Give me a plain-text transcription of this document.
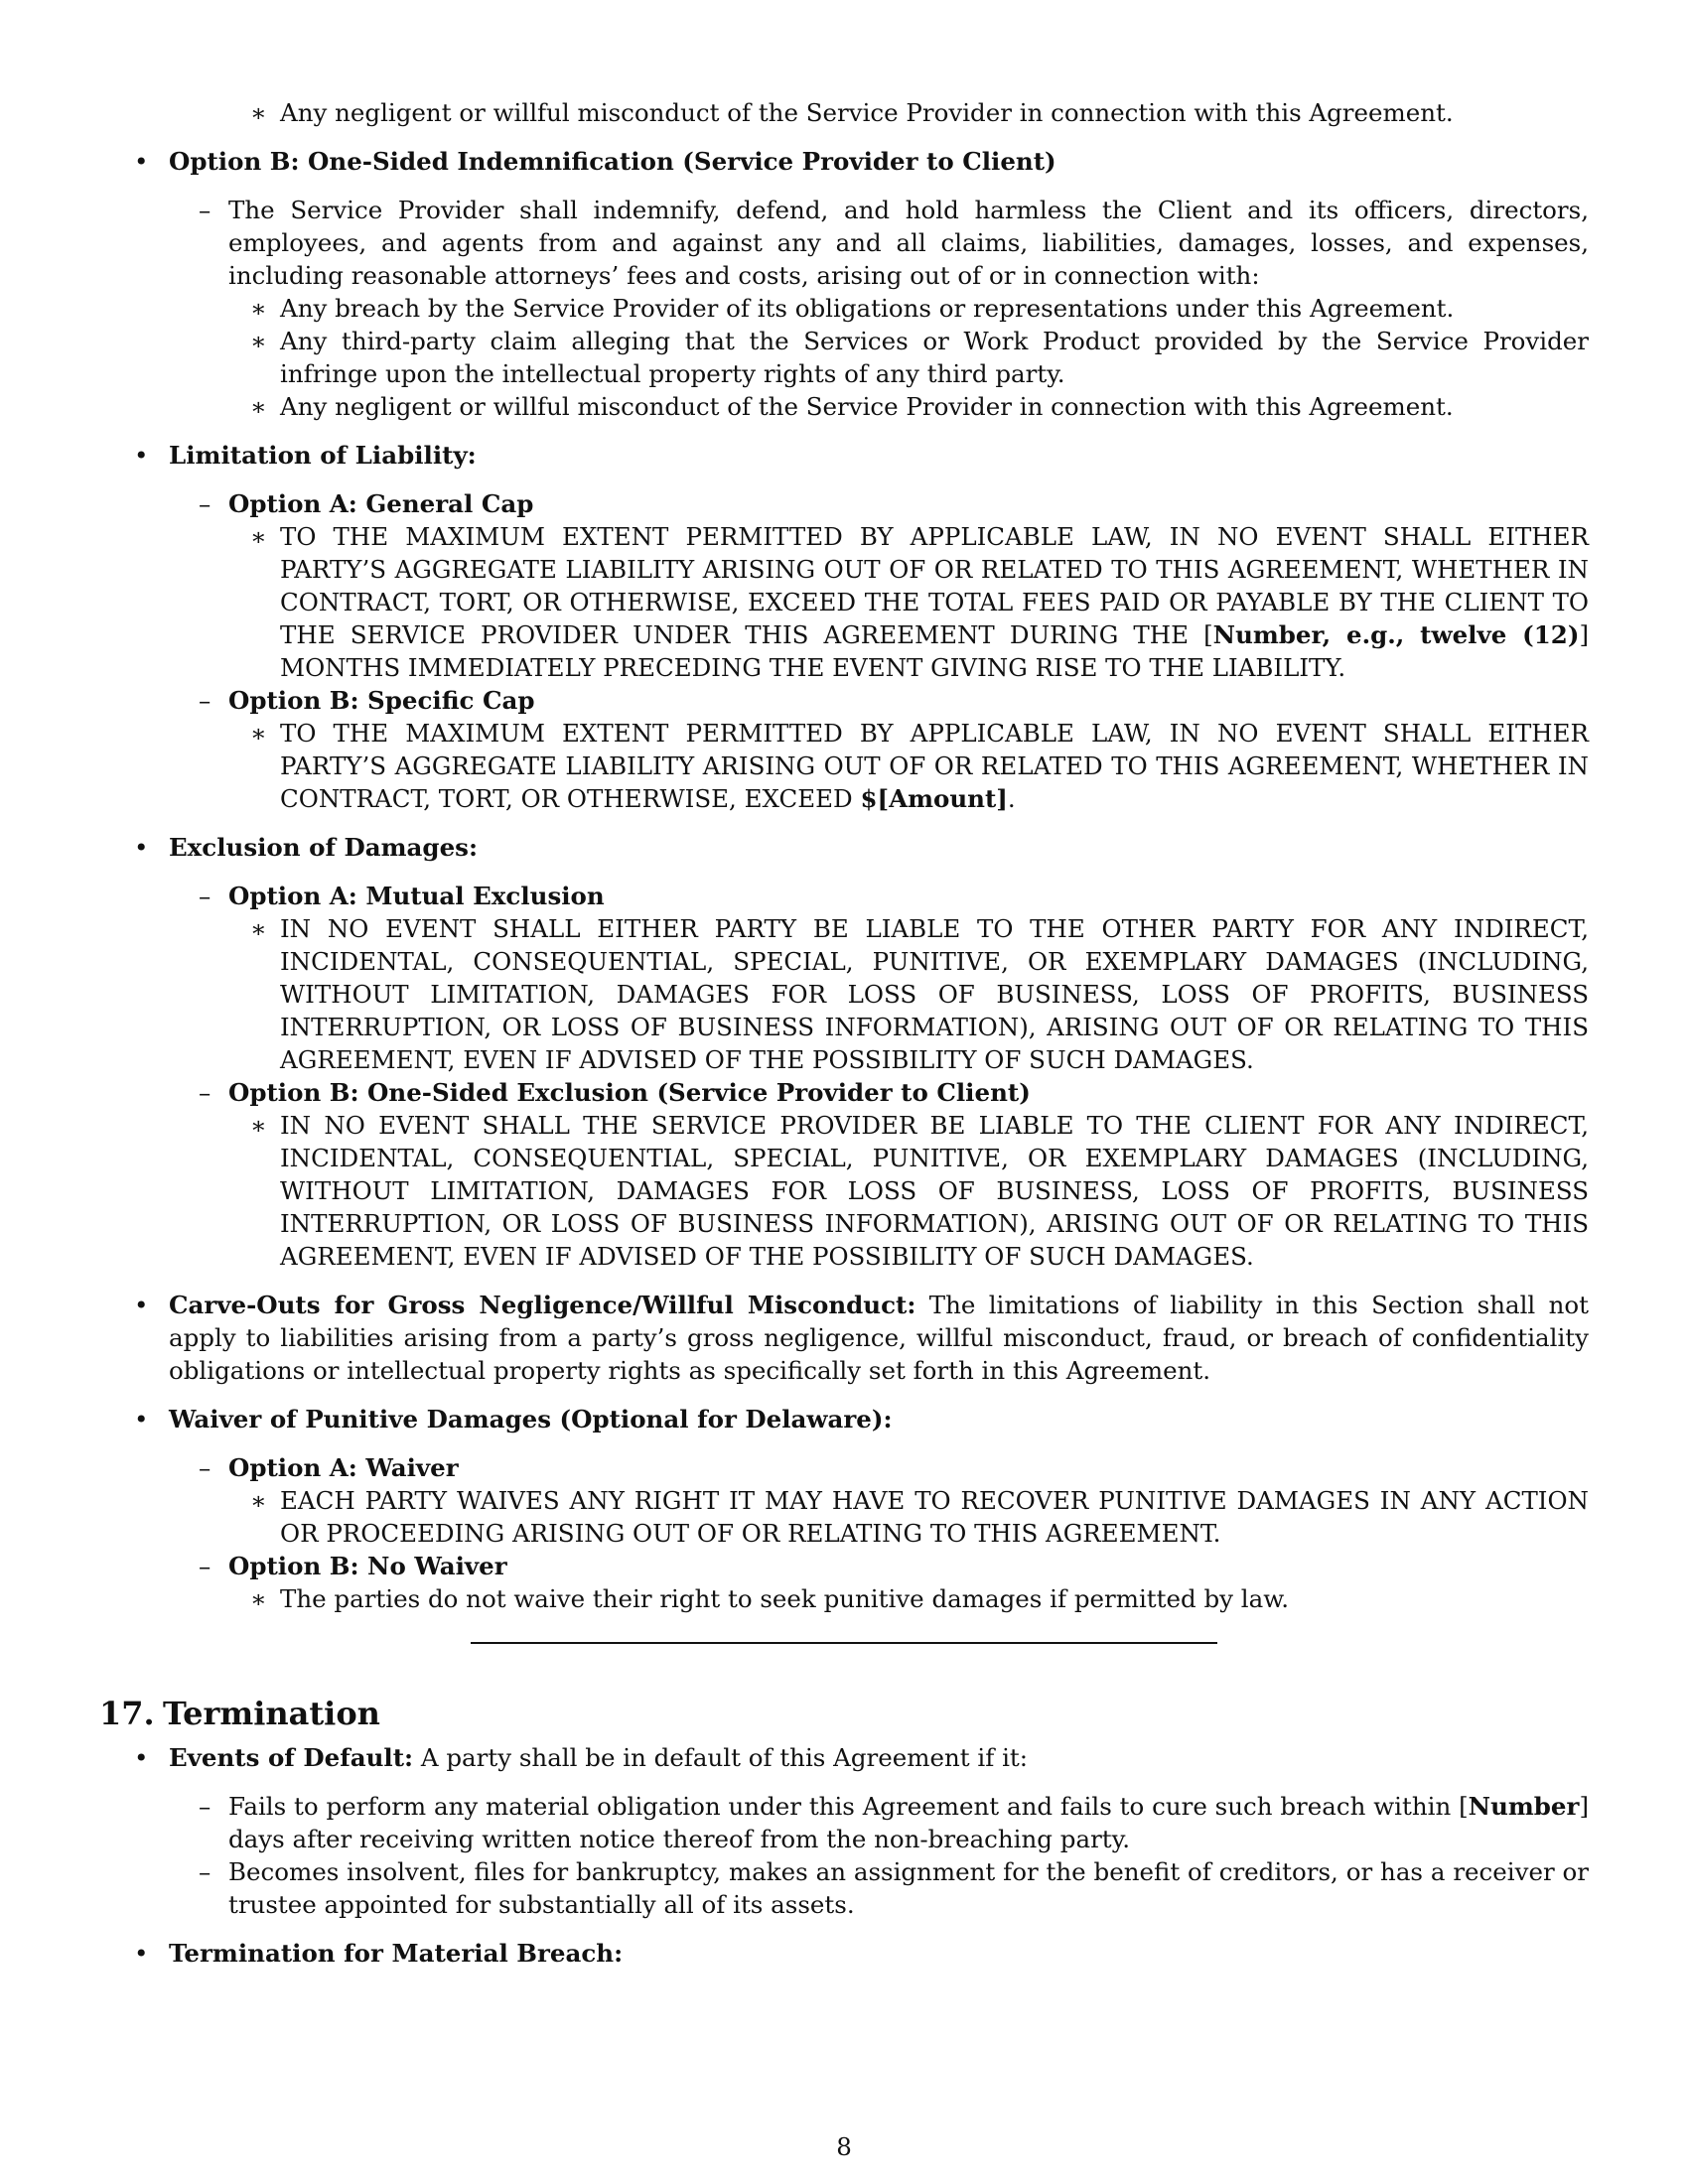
∗ Any negligent or willful misconduct of the Service Provider in connection with this Agreement.
• Option B: One-Sided Indemnification (Service Provider to Client)
– The Service Provider shall indemnify, defend, and hold harmless the Client and its officers, directors, employees, and agents from and against any and all claims, liabilities, damages, losses, and expenses, including reasonable attorneys’ fees and costs, arising out of or in connection with:
∗ Any breach by the Service Provider of its obligations or representations under this Agreement.
∗ Any third-party claim alleging that the Services or Work Product provided by the Service Provider infringe upon the intellectual property rights of any third party.
∗ Any negligent or willful misconduct of the Service Provider in connection with this Agreement.
• Limitation of Liability:
– Option A: General Cap
∗ TO THE MAXIMUM EXTENT PERMITTED BY APPLICABLE LAW, IN NO EVENT SHALL EITHER PARTY’S AGGREGATE LIABILITY ARISING OUT OF OR RELATED TO THIS AGREEMENT, WHETHER IN CONTRACT, TORT, OR OTHERWISE, EXCEED THE TOTAL FEES PAID OR PAYABLE BY THE CLIENT TO THE SERVICE PROVIDER UNDER THIS AGREEMENT DURING THE [Number, e.g., twelve (12)] MONTHS IMMEDIATELY PRECEDING THE EVENT GIVING RISE TO THE LIABILITY.
– Option B: Specific Cap
∗ TO THE MAXIMUM EXTENT PERMITTED BY APPLICABLE LAW, IN NO EVENT SHALL EITHER PARTY’S AGGREGATE LIABILITY ARISING OUT OF OR RELATED TO THIS AGREEMENT, WHETHER IN CONTRACT, TORT, OR OTHERWISE, EXCEED $[Amount].
• Exclusion of Damages:
– Option A: Mutual Exclusion
∗ IN NO EVENT SHALL EITHER PARTY BE LIABLE TO THE OTHER PARTY FOR ANY INDIRECT, INCIDENTAL, CONSEQUENTIAL, SPECIAL, PUNITIVE, OR EXEMPLARY DAMAGES (INCLUDING, WITHOUT LIMITATION, DAMAGES FOR LOSS OF BUSINESS, LOSS OF PROFITS, BUSINESS INTERRUPTION, OR LOSS OF BUSINESS INFORMATION), ARISING OUT OF OR RELATING TO THIS AGREEMENT, EVEN IF ADVISED OF THE POSSIBILITY OF SUCH DAMAGES.
– Option B: One-Sided Exclusion (Service Provider to Client)
∗ IN NO EVENT SHALL THE SERVICE PROVIDER BE LIABLE TO THE CLIENT FOR ANY INDIRECT, INCIDENTAL, CONSEQUENTIAL, SPECIAL, PUNITIVE, OR EXEMPLARY DAMAGES (INCLUDING, WITHOUT LIMITATION, DAMAGES FOR LOSS OF BUSINESS, LOSS OF PROFITS, BUSINESS INTERRUPTION, OR LOSS OF BUSINESS INFORMATION), ARISING OUT OF OR RELATING TO THIS AGREEMENT, EVEN IF ADVISED OF THE POSSIBILITY OF SUCH DAMAGES.
• Carve-Outs for Gross Negligence/Willful Misconduct: The limitations of liability in this Section shall not apply to liabilities arising from a party’s gross negligence, willful misconduct, fraud, or breach of confidentiality obligations or intellectual property rights as specifically set forth in this Agreement.
• Waiver of Punitive Damages (Optional for Delaware):
– Option A: Waiver
∗ EACH PARTY WAIVES ANY RIGHT IT MAY HAVE TO RECOVER PUNITIVE DAMAGES IN ANY ACTION OR PROCEEDING ARISING OUT OF OR RELATING TO THIS AGREEMENT.
– Option B: No Waiver
∗ The parties do not waive their right to seek punitive damages if permitted by law.
17. Termination
• Events of Default: A party shall be in default of this Agreement if it:
– Fails to perform any material obligation under this Agreement and fails to cure such breach within [Number] days after receiving written notice thereof from the non-breaching party.
– Becomes insolvent, files for bankruptcy, makes an assignment for the benefit of creditors, or has a receiver or trustee appointed for substantially all of its assets.
• Termination for Material Breach:
8
